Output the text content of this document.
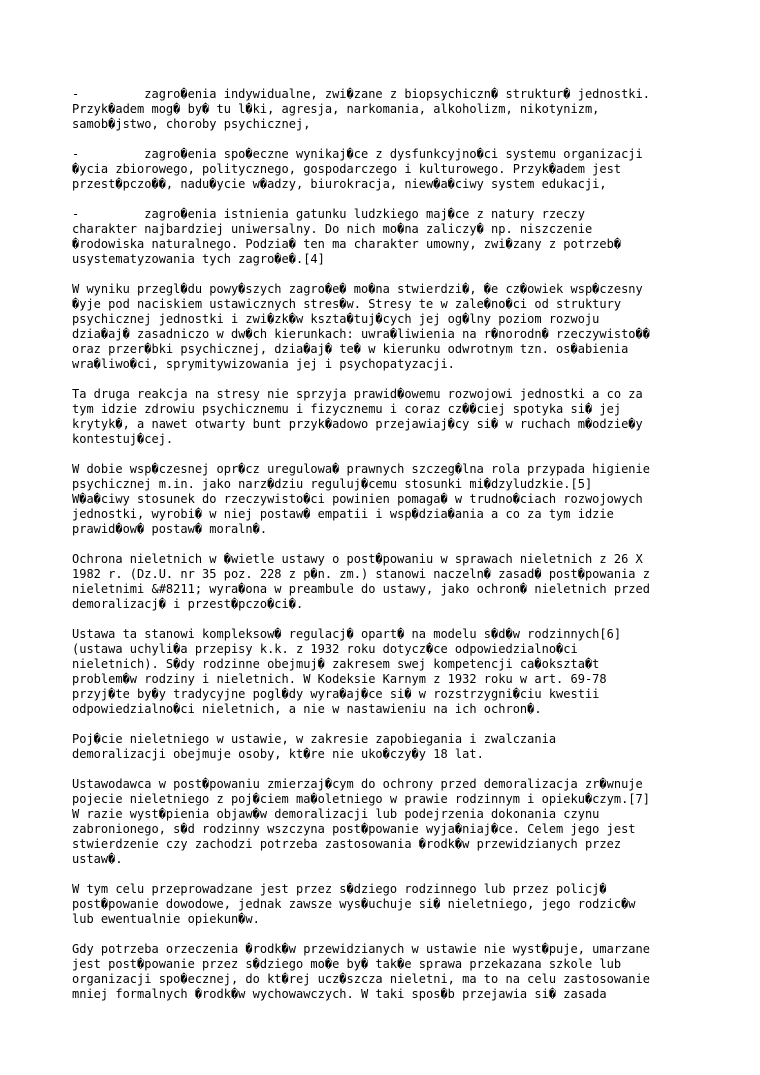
-         zagro�enia indywidualne, zwi�zane z biopsychiczn� struktur� jednostki.
Przyk�adem mog� by� tu l�ki, agresja, narkomania, alkoholizm, nikotynizm,
samob�jstwo, choroby psychicznej,

-         zagro�enia spo�eczne wynikaj�ce z dysfunkcyjno�ci systemu organizacji
�ycia zbiorowego, politycznego, gospodarczego i kulturowego. Przyk�adem jest
przest�pczo��, nadu�ycie w�adzy, biurokracja, niew�a�ciwy system edukacji,

-         zagro�enia istnienia gatunku ludzkiego maj�ce z natury rzeczy
charakter najbardziej uniwersalny. Do nich mo�na zaliczy� np. niszczenie
�rodowiska naturalnego. Podzia� ten ma charakter umowny, zwi�zany z potrzeb�
usystematyzowania tych zagro�e�.[4]

W wyniku przegl�du powy�szych zagro�e� mo�na stwierdzi�, �e cz�owiek wsp�czesny
�yje pod naciskiem ustawicznych stres�w. Stresy te w zale�no�ci od struktury
psychicznej jednostki i zwi�zk�w kszta�tuj�cych jej og�lny poziom rozwoju
dzia�aj� zasadniczo w dw�ch kierunkach: uwra�liwienia na r�norodn� rzeczywisto��
oraz przer�bki psychicznej, dzia�aj� te� w kierunku odwrotnym tzn. os�abienia
wra�liwo�ci, sprymitywizowania jej i psychopatyzacji.

Ta druga reakcja na stresy nie sprzyja prawid�owemu rozwojowi jednostki a co za
tym idzie zdrowiu psychicznemu i fizycznemu i coraz cz��ciej spotyka si� jej
krytyk�, a nawet otwarty bunt przyk�adowo przejawiaj�cy si� w ruchach m�odzie�y
kontestuj�cej.

W dobie wsp�czesnej opr�cz uregulowa� prawnych szczeg�lna rola przypada higienie
psychicznej m.in. jako narz�dziu reguluj�cemu stosunki mi�dzyludzkie.[5]
W�a�ciwy stosunek do rzeczywisto�ci powinien pomaga� w trudno�ciach rozwojowych
jednostki, wyrobi� w niej postaw� empatii i wsp�dzia�ania a co za tym idzie
prawid�ow� postaw� moraln�.

Ochrona nieletnich w �wietle ustawy o post�powaniu w sprawach nieletnich z 26 X
1982 r. (Dz.U. nr 35 poz. 228 z p�n. zm.) stanowi naczeln� zasad� post�powania z
nieletnimi &#8211; wyra�ona w preambule do ustawy, jako ochron� nieletnich przed
demoralizacj� i przest�pczo�ci�.

Ustawa ta stanowi kompleksow� regulacj� opart� na modelu s�d�w rodzinnych[6]
(ustawa uchyli�a przepisy k.k. z 1932 roku dotycz�ce odpowiedzialno�ci
nieletnich). S�dy rodzinne obejmuj� zakresem swej kompetencji ca�okszta�t
problem�w rodziny i nieletnich. W Kodeksie Karnym z 1932 roku w art. 69-78
przyj�te by�y tradycyjne pogl�dy wyra�aj�ce si� w rozstrzygni�ciu kwestii
odpowiedzialno�ci nieletnich, a nie w nastawieniu na ich ochron�.

Poj�cie nieletniego w ustawie, w zakresie zapobiegania i zwalczania
demoralizacji obejmuje osoby, kt�re nie uko�czy�y 18 lat.

Ustawodawca w post�powaniu zmierzaj�cym do ochrony przed demoralizacja zr�wnuje
pojecie nieletniego z poj�ciem ma�oletniego w prawie rodzinnym i opieku�czym.[7]
W razie wyst�pienia objaw�w demoralizacji lub podejrzenia dokonania czynu
zabronionego, s�d rodzinny wszczyna post�powanie wyja�niaj�ce. Celem jego jest
stwierdzenie czy zachodzi potrzeba zastosowania �rodk�w przewidzianych przez
ustaw�.

W tym celu przeprowadzane jest przez s�dziego rodzinnego lub przez policj�
post�powanie dowodowe, jednak zawsze wys�uchuje si� nieletniego, jego rodzic�w
lub ewentualnie opiekun�w.

Gdy potrzeba orzeczenia �rodk�w przewidzianych w ustawie nie wyst�puje, umarzane
jest post�powanie przez s�dziego mo�e by� tak�e sprawa przekazana szkole lub
organizacji spo�ecznej, do kt�rej ucz�szcza nieletni, ma to na celu zastosowanie
mniej formalnych �rodk�w wychowawczych. W taki spos�b przejawia si� zasada
